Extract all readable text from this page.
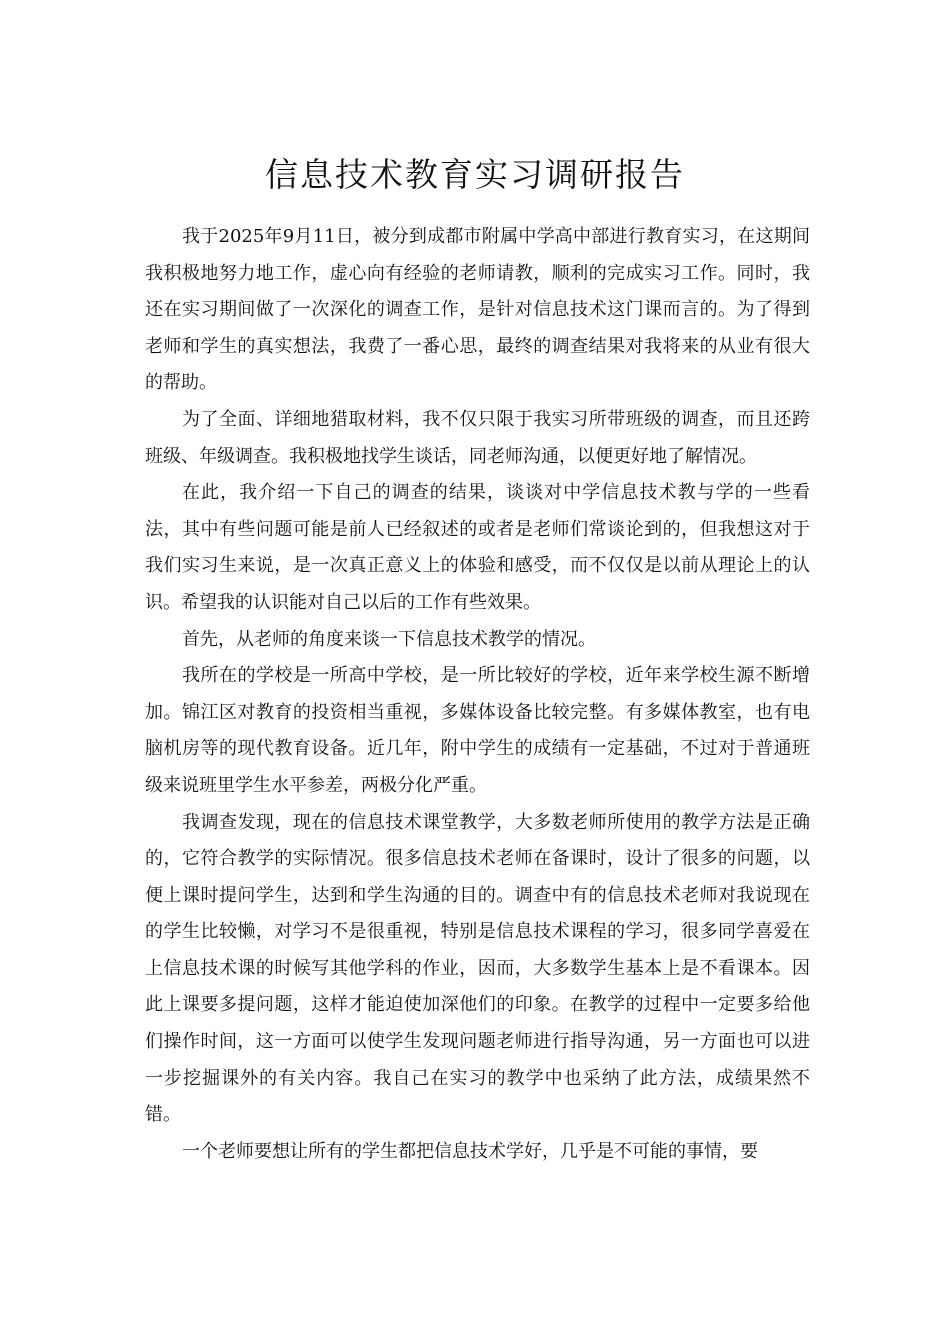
信息技术教育实习调研报告

我于2025年9月11日，被分到成都市附属中学高中部进行教育实习，在这期间我积极地努力地工作，虚心向有经验的老师请教，顺利的完成实习工作。同时，我还在实习期间做了一次深化的调查工作，是针对信息技术这门课而言的。为了得到老师和学生的真实想法，我费了一番心思，最终的调查结果对我将来的从业有很大的帮助。

为了全面、详细地猎取材料，我不仅只限于我实习所带班级的调查，而且还跨班级、年级调查。我积极地找学生谈话，同老师沟通，以便更好地了解情况。

在此，我介绍一下自己的调查的结果，谈谈对中学信息技术教与学的一些看法，其中有些问题可能是前人已经叙述的或者是老师们常谈论到的，但我想这对于我们实习生来说，是一次真正意义上的体验和感受，而不仅仅是以前从理论上的认识。希望我的认识能对自己以后的工作有些效果。

首先，从老师的角度来谈一下信息技术教学的情况。

我所在的学校是一所高中学校，是一所比较好的学校，近年来学校生源不断增加。锦江区对教育的投资相当重视，多媒体设备比较完整。有多媒体教室，也有电脑机房等的现代教育设备。近几年，附中学生的成绩有一定基础，不过对于普通班级来说班里学生水平参差，两极分化严重。

我调查发现，现在的信息技术课堂教学，大多数老师所使用的教学方法是正确的，它符合教学的实际情况。很多信息技术老师在备课时，设计了很多的问题，以便上课时提问学生，达到和学生沟通的目的。调查中有的信息技术老师对我说现在的学生比较懒，对学习不是很重视，特别是信息技术课程的学习，很多同学喜爱在上信息技术课的时候写其他学科的作业，因而，大多数学生基本上是不看课本。因此上课要多提问题，这样才能迫使加深他们的印象。在教学的过程中一定要多给他们操作时间，这一方面可以使学生发现问题老师进行指导沟通，另一方面也可以进一步挖掘课外的有关内容。我自己在实习的教学中也采纳了此方法，成绩果然不错。

一个老师要想让所有的学生都把信息技术学好，几乎是不可能的事情，要
